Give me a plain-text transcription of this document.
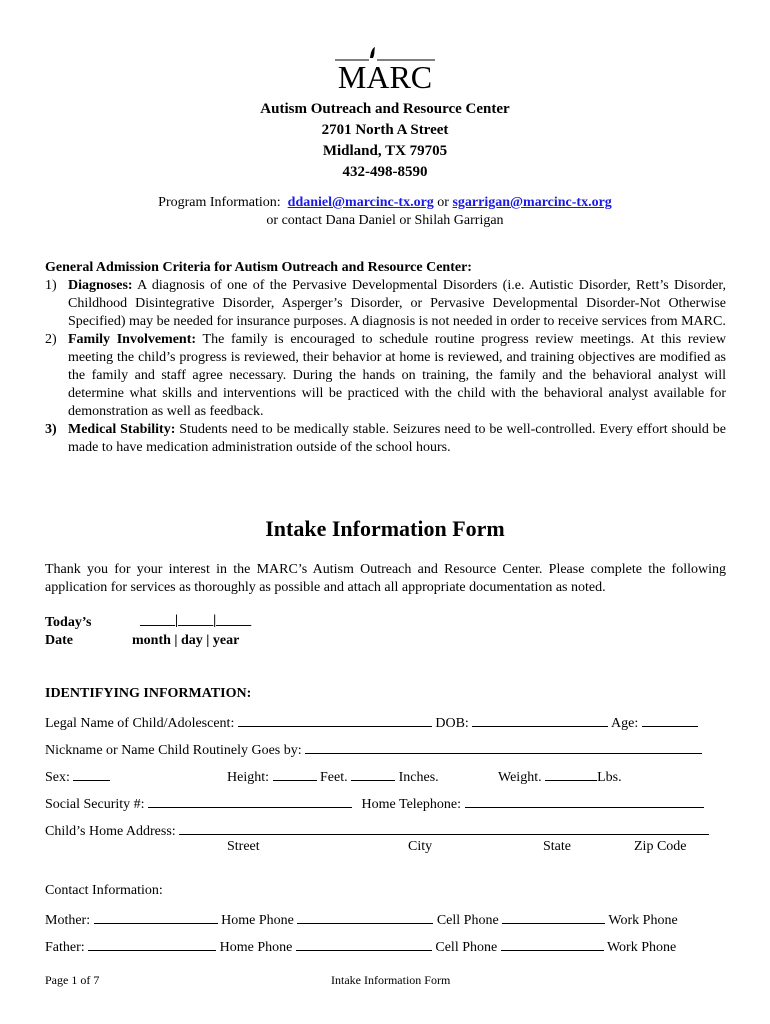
MARC
Autism Outreach and Resource Center
2701 North A Street
Midland, TX 79705
432-498-8590
Program Information: ddaniel@marcinc-tx.org or sgarrigan@marcinc-tx.org
or contact Dana Daniel or Shilah Garrigan
General Admission Criteria for Autism Outreach and Resource Center:
1) Diagnoses: A diagnosis of one of the Pervasive Developmental Disorders (i.e. Autistic Disorder, Rett’s Disorder, Childhood Disintegrative Disorder, Asperger’s Disorder, or Pervasive Developmental Disorder-Not Otherwise Specified) may be needed for insurance purposes. A diagnosis is not needed in order to receive services from MARC.
2) Family Involvement: The family is encouraged to schedule routine progress review meetings. At this review meeting the child’s progress is reviewed, their behavior at home is reviewed, and training objectives are modified as the family and staff agree necessary. During the hands on training, the family and the behavioral analyst will determine what skills and interventions will be practiced with the child with the behavioral analyst available for demonstration as well as feedback.
3) Medical Stability: Students need to be medically stable. Seizures need to be well-controlled. Every effort should be made to have medication administration outside of the school hours.
Intake Information Form
Thank you for your interest in the MARC’s Autism Outreach and Resource Center. Please complete the following application for services as thoroughly as possible and attach all appropriate documentation as noted.
Today’s
Date
_____|_____|_____
month | day | year
IDENTIFYING INFORMATION:
Legal Name of Child/Adolescent:	DOB:	Age:
Nickname or Name Child Routinely Goes by:
Sex:	Height:	Feet.	Inches.	Weight.	Lbs.
Social Security #:	Home Telephone:
Child’s Home Address:
Street	City	State	Zip Code
Contact Information:
Mother:	Home Phone	Cell Phone	Work Phone
Father:	Home Phone	Cell Phone	Work Phone
Page 1 of 7	Intake Information Form
